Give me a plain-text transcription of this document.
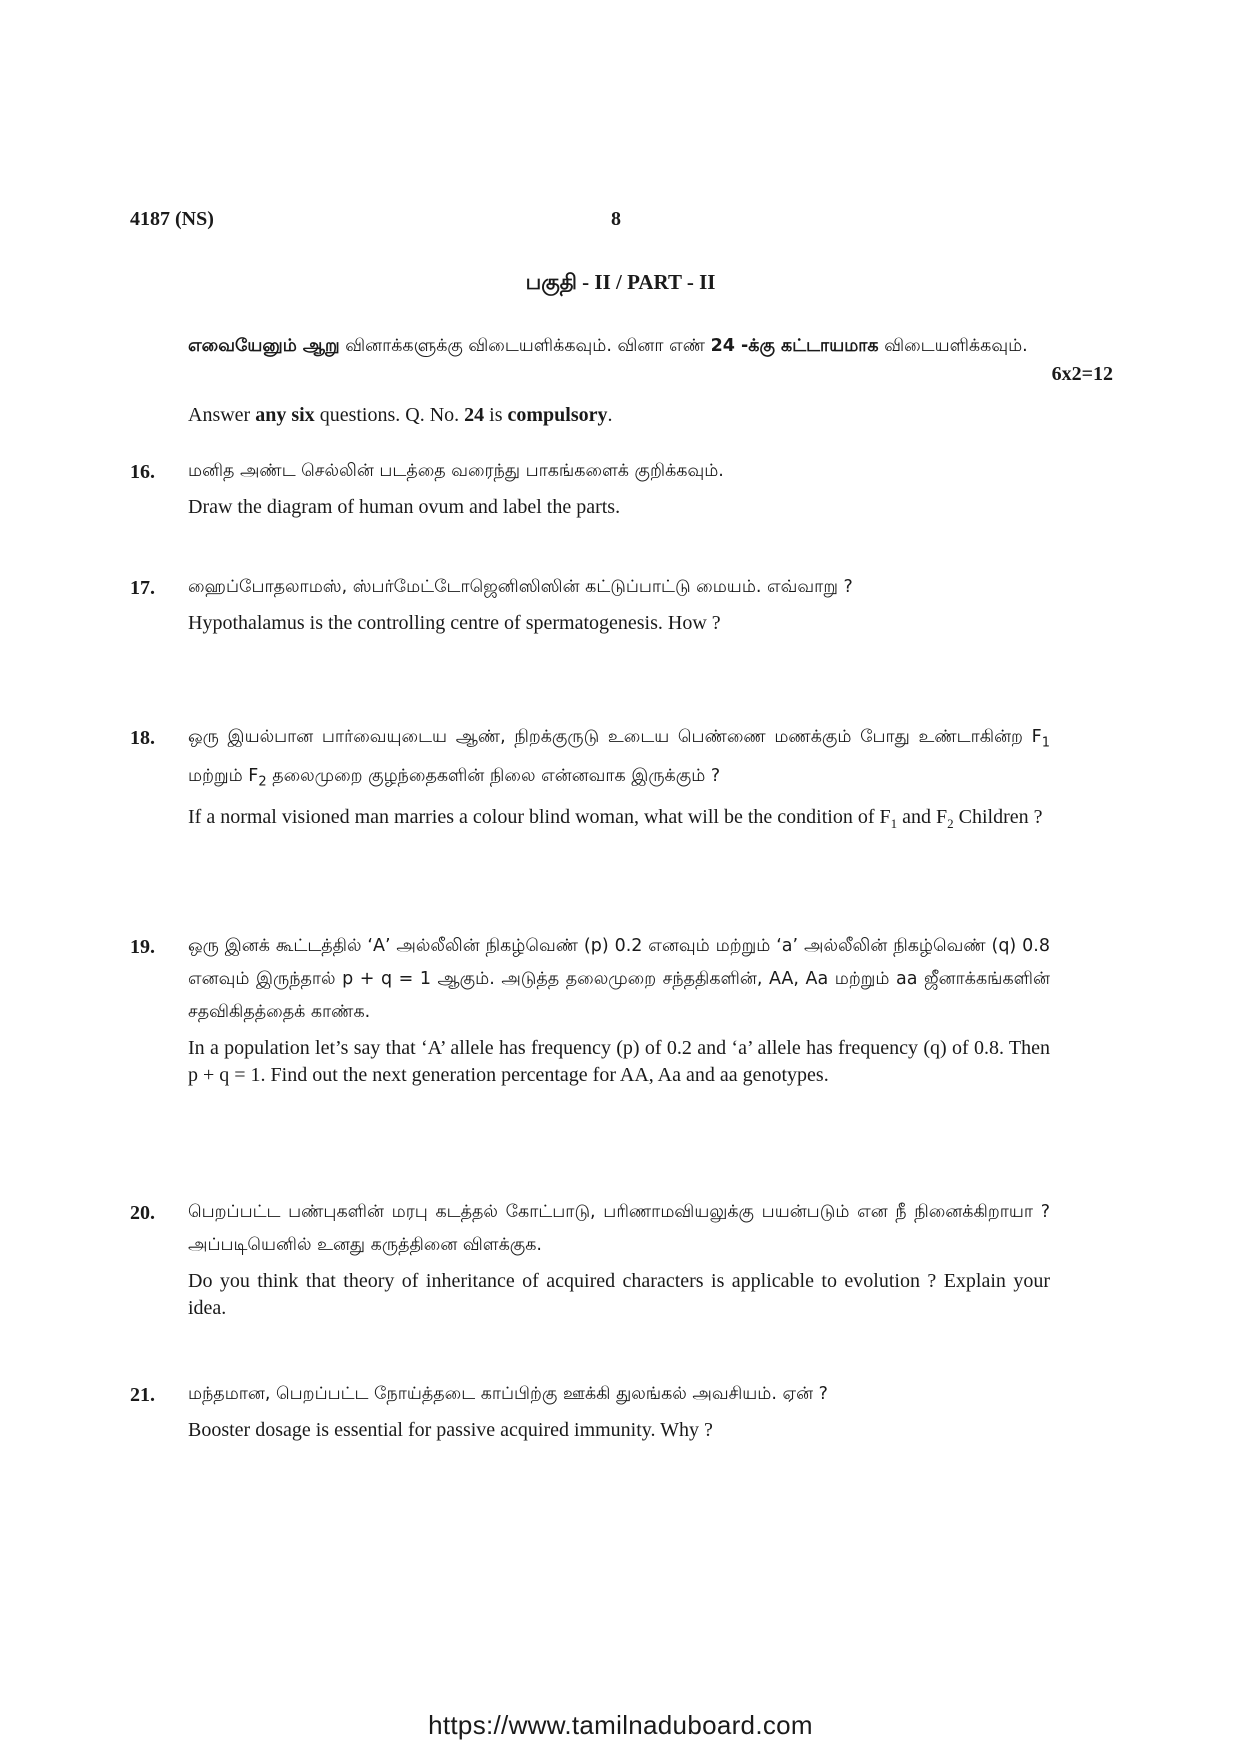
4187 (NS)	8
பகுதி - II / PART - II
எவையேனும் ஆறு வினாக்களுக்கு விடையளிக்கவும். வினா எண் 24 -க்கு கட்டாயமாக விடையளிக்கவும்.
6x2=12
Answer any six questions. Q. No. 24 is compulsory.
16. மனித அண்ட செல்லின் படத்தை வரைந்து பாகங்களைக் குறிக்கவும்.
Draw the diagram of human ovum and label the parts.
17. ஹைப்போதலாமஸ், ஸ்பர்மேட்டோஜெனிஸிஸின் கட்டுப்பாட்டு மையம். எவ்வாறு ?
Hypothalamus is the controlling centre of spermatogenesis. How ?
18. ஒரு இயல்பான பார்வையுடைய ஆண், நிறக்குருடு உடைய பெண்ணை மணக்கும் போது உண்டாகின்ற $F_1$ மற்றும் $F_2$ தலைமுறை குழந்தைகளின் நிலை என்னவாக இருக்கும் ?
If a normal visioned man marries a colour blind woman, what will be the condition of $F_1$ and $F_2$ Children ?
19. ஒரு இனக் கூட்டத்தில் ‘A’ அல்லீலின் நிகழ்வெண் (p) 0.2 எனவும் மற்றும் ‘a’ அல்லீலின் நிகழ்வெண் (q) 0.8 எனவும் இருந்தால் p + q = 1 ஆகும். அடுத்த தலைமுறை சந்ததிகளின், AA, Aa மற்றும் aa ஜீனாக்கங்களின் சதவிகிதத்தைக் காண்க.
In a population let’s say that ‘A’ allele has frequency (p) of 0.2 and ‘a’ allele has frequency (q) of 0.8. Then p + q = 1. Find out the next generation percentage for AA, Aa and aa genotypes.
20. பெறப்பட்ட பண்புகளின் மரபு கடத்தல் கோட்பாடு, பரிணாமவியலுக்கு பயன்படும் என நீ நினைக்கிறாயா ? அப்படியெனில் உனது கருத்தினை விளக்குக.
Do you think that theory of inheritance of acquired characters is applicable to evolution ? Explain your idea.
21. மந்தமான, பெறப்பட்ட நோய்த்தடை காப்பிற்கு ஊக்கி துலங்கல் அவசியம். ஏன் ?
Booster dosage is essential for passive acquired immunity. Why ?
https://www.tamilnaduboard.com
